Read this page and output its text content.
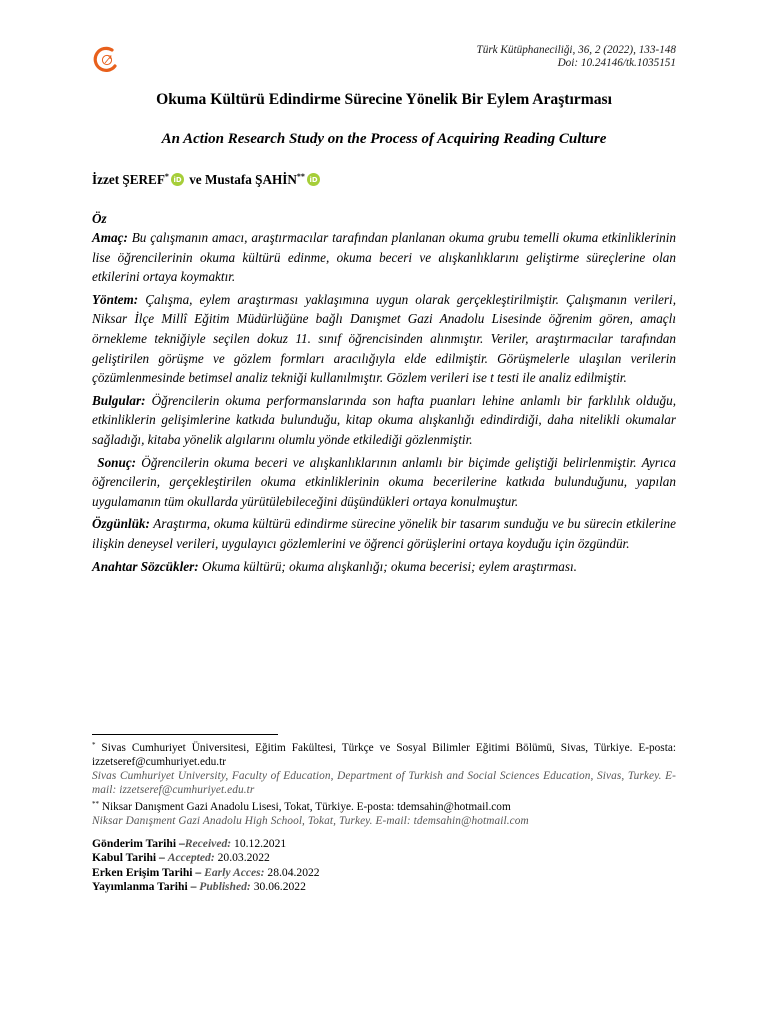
Türk Kütüphaneciliği, 36, 2 (2022), 133-148
Doi: 10.24146/tk.1035151
Okuma Kültürü Edindirme Sürecine Yönelik Bir Eylem Araştırması
An Action Research Study on the Process of Acquiring Reading Culture
İzzet ŞEREF* iD ve Mustafa ŞAHİN** iD
Öz

Amaç: Bu çalışmanın amacı, araştırmacılar tarafından planlanan okuma grubu temelli okuma etkinliklerinin lise öğrencilerinin okuma kültürü edinme, okuma beceri ve alışkanlıklarını geliştirme süreçlerine olan etkilerini ortaya koymaktır.

Yöntem: Çalışma, eylem araştırması yaklaşımına uygun olarak gerçekleştirilmiştir. Çalışmanın verileri, Niksar İlçe Millî Eğitim Müdürlüğüne bağlı Danışmet Gazi Anadolu Lisesinde öğrenim gören, amaçlı örnekleme tekniğiyle seçilen dokuz 11. sınıf öğrencisinden alınmıştır. Veriler, araştırmacılar tarafından geliştirilen görüşme ve gözlem formları aracılığıyla elde edilmiştir. Görüşmelerle ulaşılan verilerin çözümlenmesinde betimsel analiz tekniği kullanılmıştır. Gözlem verileri ise t testi ile analiz edilmiştir.

Bulgular: Öğrencilerin okuma performanslarında son hafta puanları lehine anlamlı bir farklılık olduğu, etkinliklerin gelişimlerine katkıda bulunduğu, kitap okuma alışkanlığı edindirdiği, daha nitelikli okumalar sağladığı, kitaba yönelik algılarını olumlu yönde etkilediği gözlenmiştir.

Sonuç: Öğrencilerin okuma beceri ve alışkanlıklarının anlamlı bir biçimde geliştiği belirlenmiştir. Ayrıca öğrencilerin, gerçekleştirilen okuma etkinliklerinin okuma becerilerine katkıda bulunduğunu, yapılan uygulamanın tüm okullarda yürütülebileceğini düşündükleri ortaya konulmuştur.

Özgünlük: Araştırma, okuma kültürü edindirme sürecine yönelik bir tasarım sunduğu ve bu sürecin etkilerine ilişkin deneysel verileri, uygulayıcı gözlemlerini ve öğrenci görüşlerini ortaya koyduğu için özgündür.

Anahtar Sözcükler: Okuma kültürü; okuma alışkanlığı; okuma becerisi; eylem araştırması.

* Sivas Cumhuriyet Üniversitesi, Eğitim Fakültesi, Türkçe ve Sosyal Bilimler Eğitimi Bölümü, Sivas, Türkiye. E-posta: izzetseref@cumhuriyet.edu.tr
Sivas Cumhuriyet University, Faculty of Education, Department of Turkish and Social Sciences Education, Sivas, Turkey. E-mail: izzetseref@cumhuriyet.edu.tr
** Niksar Danışment Gazi Anadolu Lisesi, Tokat, Türkiye. E-posta: tdemsahin@hotmail.com
Niksar Danışment Gazi Anadolu High School, Tokat, Turkey. E-mail: tdemsahin@hotmail.com
Gönderim Tarihi –Received: 10.12.2021
Kabul Tarihi – Accepted: 20.03.2022
Erken Erişim Tarihi – Early Acces: 28.04.2022
Yayımlanma Tarihi – Published: 30.06.2022
